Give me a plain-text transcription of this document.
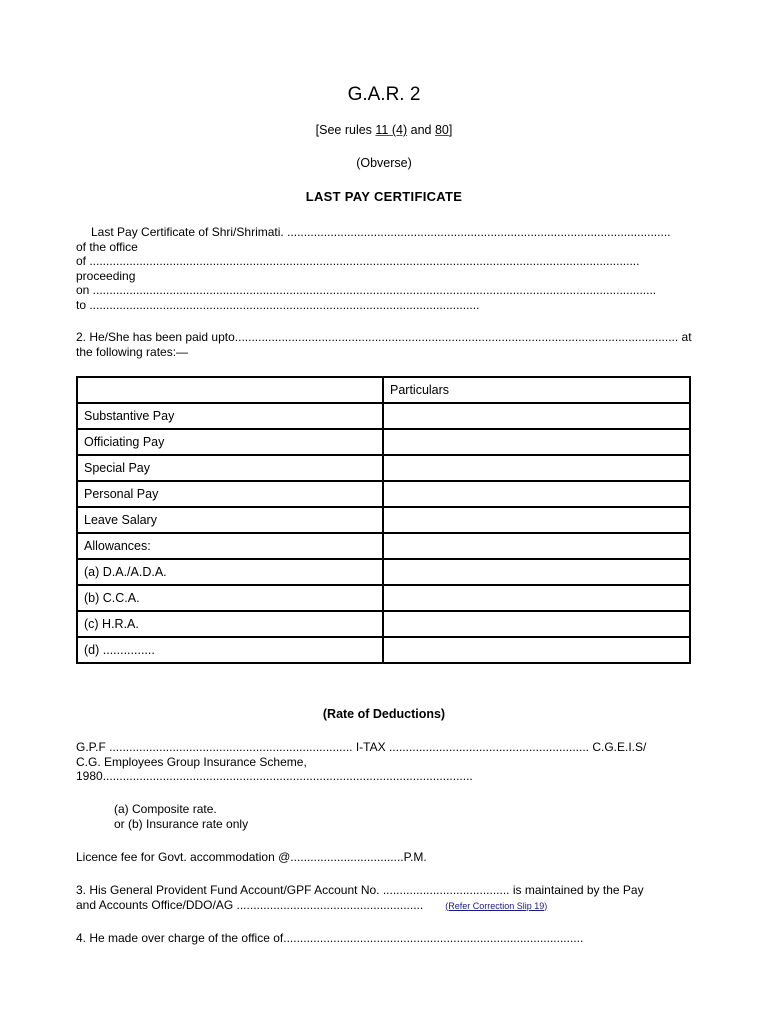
G.A.R. 2
[See rules 11 (4) and 80]
(Obverse)
LAST PAY CERTIFICATE
Last Pay Certificate of Shri/Shrimati. ...................................................................................................................
of the office
of .....................................................................................................................................................................
proceeding
on .........................................................................................................................................................................
to .....................................................................................................................
2. He/She has been paid upto..................................................................................................................................... at the following rates:—
	Particulars
Substantive Pay	
Officiating Pay	
Special Pay	
Personal Pay	
Leave Salary	
Allowances:	
(a) D.A./A.D.A.	
(b) C.C.A.	
(c) H.R.A.	
(d) ...............	
(Rate of Deductions)
G.P.F ......................................................................... I-TAX ............................................................ C.G.E.I.S/
C.G. Employees Group Insurance Scheme,
1980...............................................................................................................
(a) Composite rate.
or (b) Insurance rate only
Licence fee for Govt. accommodation @..................................P.M.
3. His General Provident Fund Account/GPF Account No. ...................................... is maintained by the Pay
and Accounts Office/DDO/AG ........................................................ (Refer Correction Slip 19)
4. He made over charge of the office of..........................................................................................
